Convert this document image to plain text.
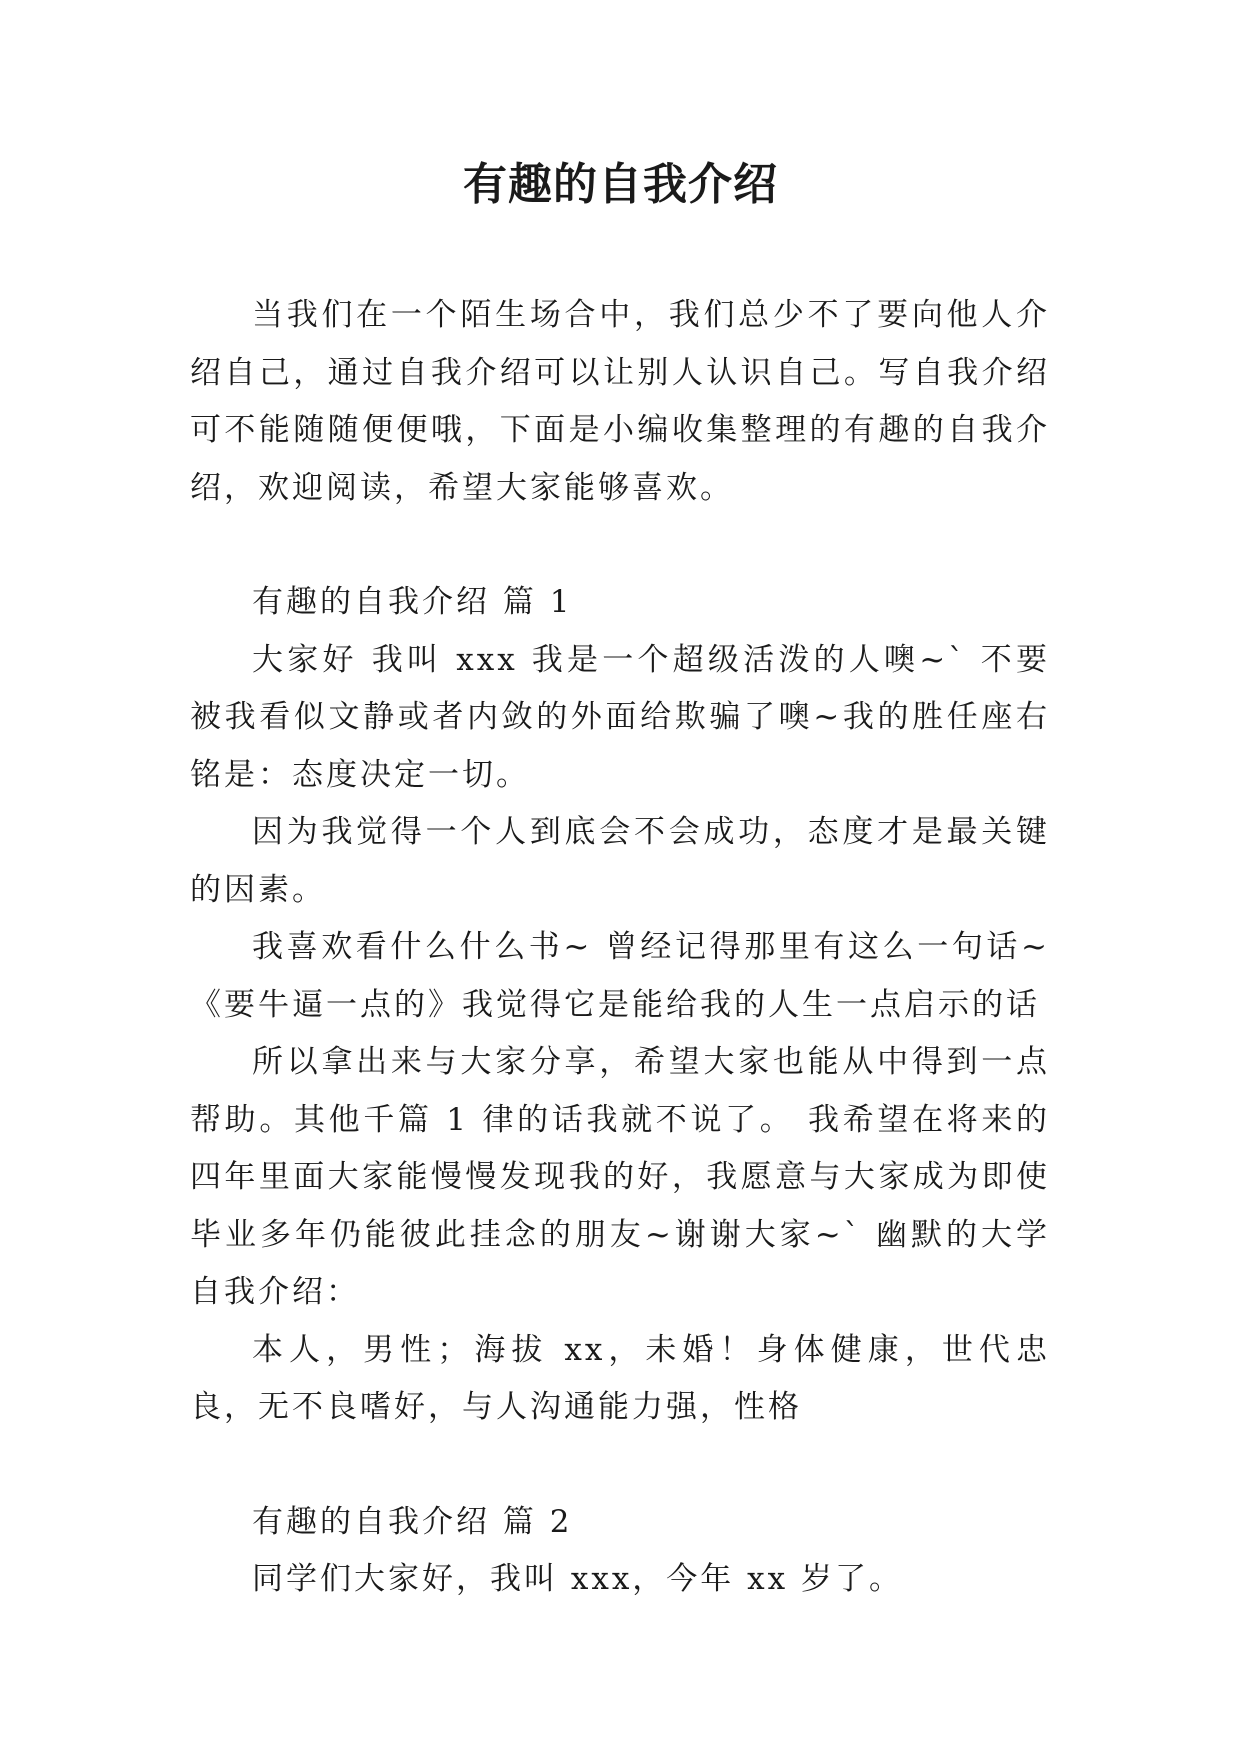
有趣的自我介绍

当我们在一个陌生场合中，我们总少不了要向他人介绍自己，通过自我介绍可以让别人认识自己。写自我介绍可不能随随便便哦，下面是小编收集整理的有趣的自我介绍，欢迎阅读，希望大家能够喜欢。

有趣的自我介绍 篇 1

大家好 我叫 xxx 我是一个超级活泼的人噢~` 不要被我看似文静或者内敛的外面给欺骗了噢~我的胜任座右铭是：态度决定一切。

因为我觉得一个人到底会不会成功，态度才是最关键的因素。

我喜欢看什么什么书~ 曾经记得那里有这么一句话~《要牛逼一点的》我觉得它是能给我的人生一点启示的话

所以拿出来与大家分享，希望大家也能从中得到一点帮助。其他千篇 1 律的话我就不说了。 我希望在将来的四年里面大家能慢慢发现我的好，我愿意与大家成为即使毕业多年仍能彼此挂念的朋友~谢谢大家~` 幽默的大学自我介绍：

本人，男性；海拔 xx，未婚！身体健康，世代忠良，无不良嗜好，与人沟通能力强，性格

有趣的自我介绍 篇 2

同学们大家好，我叫 xxx，今年 xx 岁了。
